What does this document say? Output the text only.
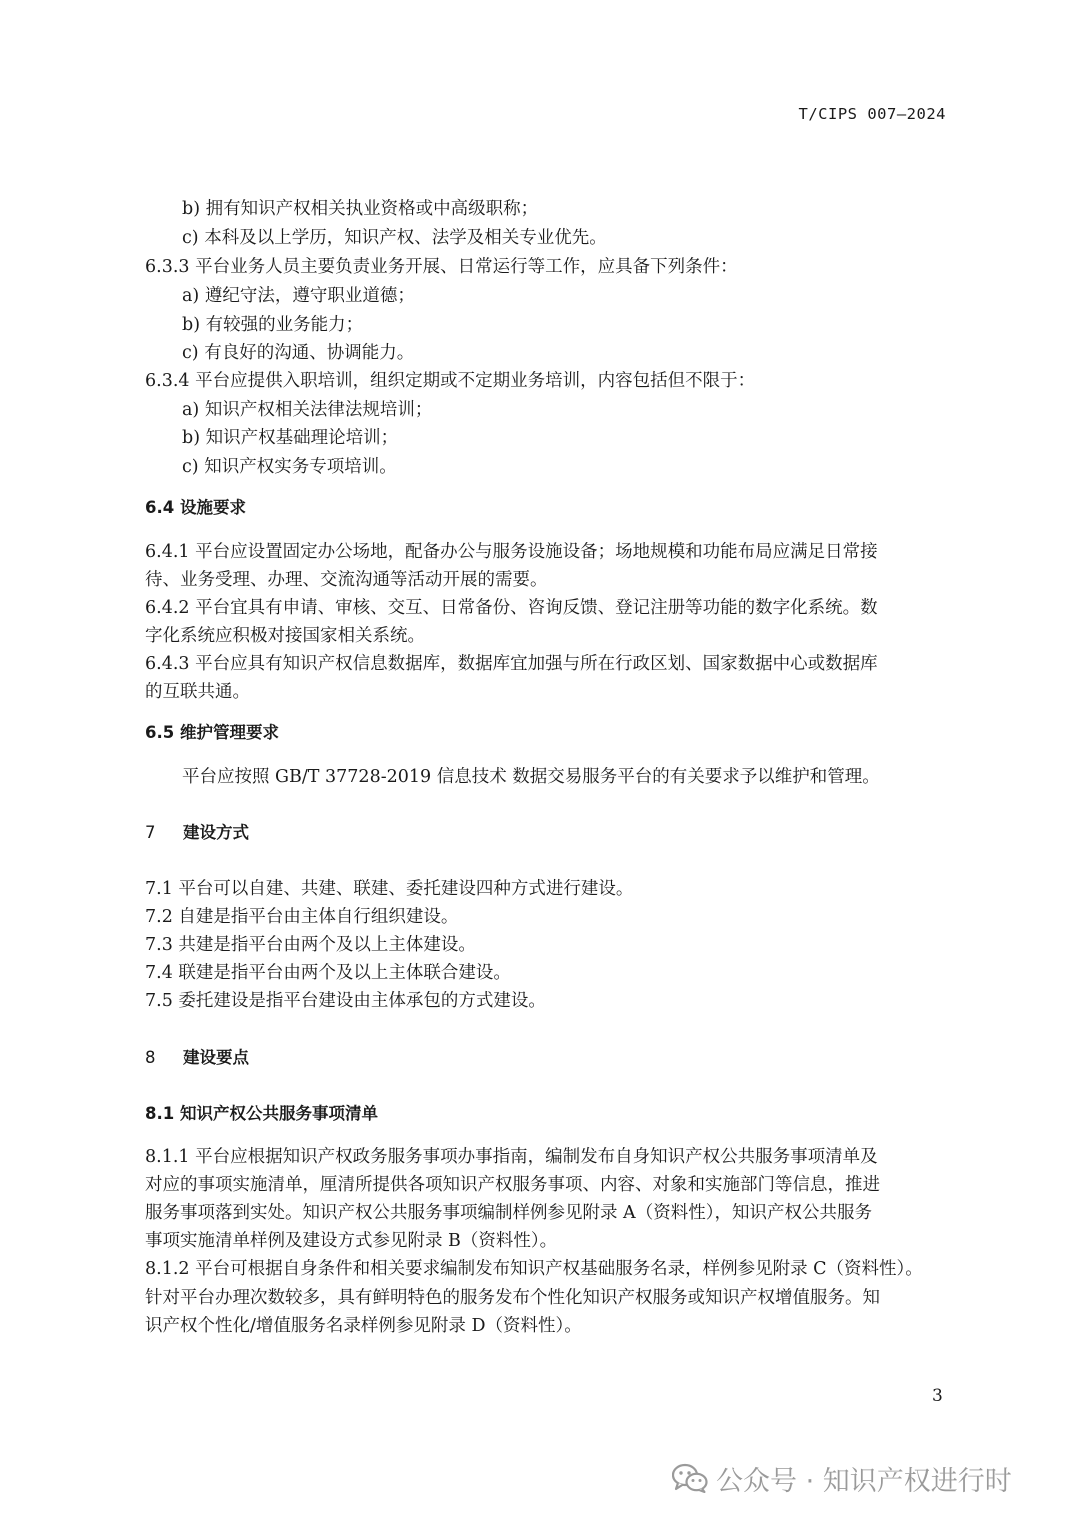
T/CIPS 007—2024
b) 拥有知识产权相关执业资格或中高级职称；
c) 本科及以上学历，知识产权、法学及相关专业优先。
6.3.3 平台业务人员主要负责业务开展、日常运行等工作，应具备下列条件：
a) 遵纪守法，遵守职业道德；
b) 有较强的业务能力；
c) 有良好的沟通、协调能力。
6.3.4 平台应提供入职培训，组织定期或不定期业务培训，内容包括但不限于：
a) 知识产权相关法律法规培训；
b) 知识产权基础理论培训；
c) 知识产权实务专项培训。
6.4 设施要求
6.4.1 平台应设置固定办公场地，配备办公与服务设施设备；场地规模和功能布局应满足日常接
待、业务受理、办理、交流沟通等活动开展的需要。
6.4.2 平台宜具有申请、审核、交互、日常备份、咨询反馈、登记注册等功能的数字化系统。数
字化系统应积极对接国家相关系统。
6.4.3 平台应具有知识产权信息数据库，数据库宜加强与所在行政区划、国家数据中心或数据库
的互联共通。
6.5 维护管理要求
平台应按照 GB/T 37728-2019 信息技术 数据交易服务平台的有关要求予以维护和管理。
7 建设方式
7.1 平台可以自建、共建、联建、委托建设四种方式进行建设。
7.2 自建是指平台由主体自行组织建设。
7.3 共建是指平台由两个及以上主体建设。
7.4 联建是指平台由两个及以上主体联合建设。
7.5 委托建设是指平台建设由主体承包的方式建设。
8 建设要点
8.1 知识产权公共服务事项清单
8.1.1 平台应根据知识产权政务服务事项办事指南，编制发布自身知识产权公共服务事项清单及
对应的事项实施清单，厘清所提供各项知识产权服务事项、内容、对象和实施部门等信息，推进
服务事项落到实处。知识产权公共服务事项编制样例参见附录 A（资料性），知识产权公共服务
事项实施清单样例及建设方式参见附录 B（资料性）。
8.1.2 平台可根据自身条件和相关要求编制发布知识产权基础服务名录，样例参见附录 C（资料性）。
针对平台办理次数较多，具有鲜明特色的服务发布个性化知识产权服务或知识产权增值服务。知
识产权个性化/增值服务名录样例参见附录 D（资料性）。
3
公众号 · 知识产权进行时
